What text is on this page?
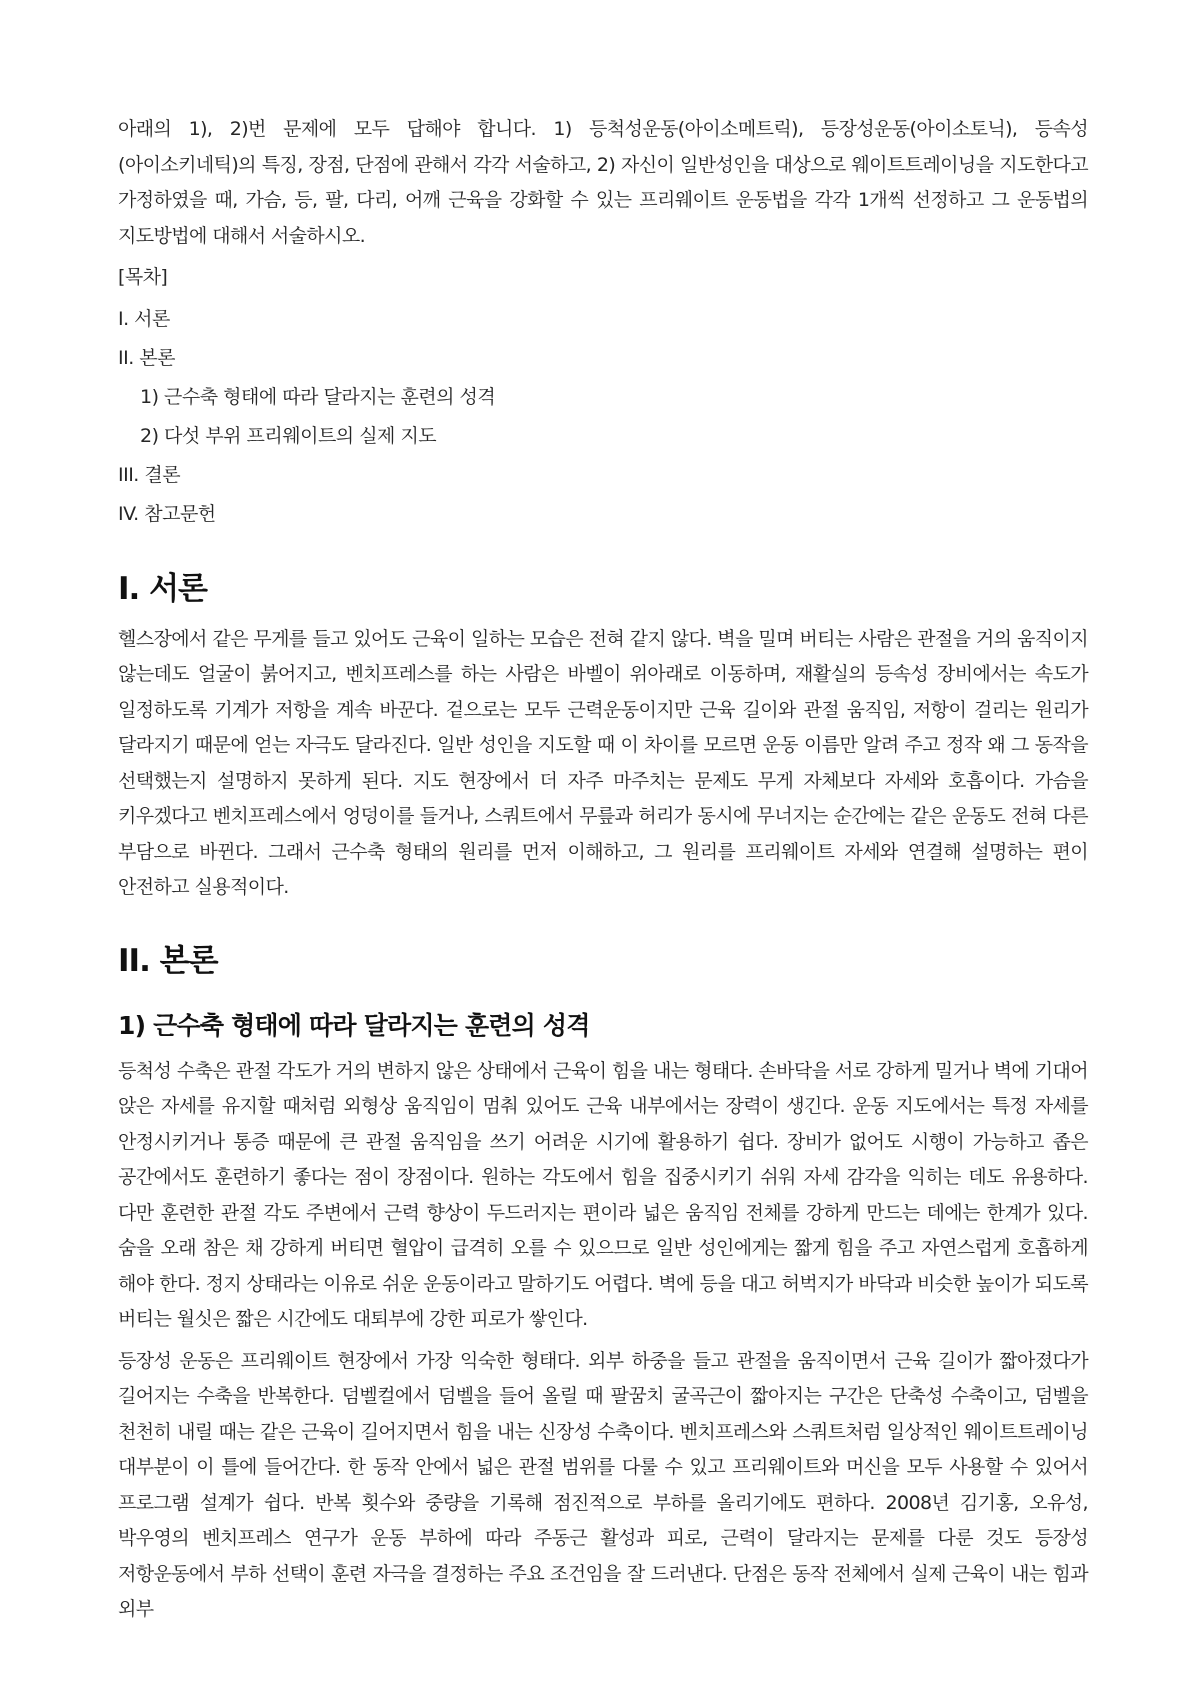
아래의 1), 2)번 문제에 모두 답해야 합니다. 1) 등척성운동(아이소메트릭), 등장성운동(아이소토닉), 등속성(아이소키네틱)의 특징, 장점, 단점에 관해서 각각 서술하고, 2) 자신이 일반성인을 대상으로 웨이트트레이닝을 지도한다고 가정하였을 때, 가슴, 등, 팔, 다리, 어깨 근육을 강화할 수 있는 프리웨이트 운동법을 각각 1개씩 선정하고 그 운동법의 지도방법에 대해서 서술하시오.

[목차]

I. 서론
II. 본론
1) 근수축 형태에 따라 달라지는 훈련의 성격
2) 다섯 부위 프리웨이트의 실제 지도
III. 결론
IV. 참고문헌
I. 서론

헬스장에서 같은 무게를 들고 있어도 근육이 일하는 모습은 전혀 같지 않다. 벽을 밀며 버티는 사람은 관절을 거의 움직이지 않는데도 얼굴이 붉어지고, 벤치프레스를 하는 사람은 바벨이 위아래로 이동하며, 재활실의 등속성 장비에서는 속도가 일정하도록 기계가 저항을 계속 바꾼다. 겉으로는 모두 근력운동이지만 근육 길이와 관절 움직임, 저항이 걸리는 원리가 달라지기 때문에 얻는 자극도 달라진다. 일반 성인을 지도할 때 이 차이를 모르면 운동 이름만 알려 주고 정작 왜 그 동작을 선택했는지 설명하지 못하게 된다. 지도 현장에서 더 자주 마주치는 문제도 무게 자체보다 자세와 호흡이다. 가슴을 키우겠다고 벤치프레스에서 엉덩이를 들거나, 스쿼트에서 무릎과 허리가 동시에 무너지는 순간에는 같은 운동도 전혀 다른 부담으로 바뀐다. 그래서 근수축 형태의 원리를 먼저 이해하고, 그 원리를 프리웨이트 자세와 연결해 설명하는 편이 안전하고 실용적이다.

II. 본론
1) 근수축 형태에 따라 달라지는 훈련의 성격

등척성 수축은 관절 각도가 거의 변하지 않은 상태에서 근육이 힘을 내는 형태다. 손바닥을 서로 강하게 밀거나 벽에 기대어 앉은 자세를 유지할 때처럼 외형상 움직임이 멈춰 있어도 근육 내부에서는 장력이 생긴다. 운동 지도에서는 특정 자세를 안정시키거나 통증 때문에 큰 관절 움직임을 쓰기 어려운 시기에 활용하기 쉽다. 장비가 없어도 시행이 가능하고 좁은 공간에서도 훈련하기 좋다는 점이 장점이다. 원하는 각도에서 힘을 집중시키기 쉬워 자세 감각을 익히는 데도 유용하다. 다만 훈련한 관절 각도 주변에서 근력 향상이 두드러지는 편이라 넓은 움직임 전체를 강하게 만드는 데에는 한계가 있다. 숨을 오래 참은 채 강하게 버티면 혈압이 급격히 오를 수 있으므로 일반 성인에게는 짧게 힘을 주고 자연스럽게 호흡하게 해야 한다. 정지 상태라는 이유로 쉬운 운동이라고 말하기도 어렵다. 벽에 등을 대고 허벅지가 바닥과 비슷한 높이가 되도록 버티는 월싯은 짧은 시간에도 대퇴부에 강한 피로가 쌓인다.

등장성 운동은 프리웨이트 현장에서 가장 익숙한 형태다. 외부 하중을 들고 관절을 움직이면서 근육 길이가 짧아졌다가 길어지는 수축을 반복한다. 덤벨컬에서 덤벨을 들어 올릴 때 팔꿈치 굴곡근이 짧아지는 구간은 단축성 수축이고, 덤벨을 천천히 내릴 때는 같은 근육이 길어지면서 힘을 내는 신장성 수축이다. 벤치프레스와 스쿼트처럼 일상적인 웨이트트레이닝 대부분이 이 틀에 들어간다. 한 동작 안에서 넓은 관절 범위를 다룰 수 있고 프리웨이트와 머신을 모두 사용할 수 있어서 프로그램 설계가 쉽다. 반복 횟수와 중량을 기록해 점진적으로 부하를 올리기에도 편하다. 2008년 김기홍, 오유성, 박우영의 벤치프레스 연구가 운동 부하에 따라 주동근 활성과 피로, 근력이 달라지는 문제를 다룬 것도 등장성 저항운동에서 부하 선택이 훈련 자극을 결정하는 주요 조건임을 잘 드러낸다. 단점은 동작 전체에서 실제 근육이 내는 힘과 외부
